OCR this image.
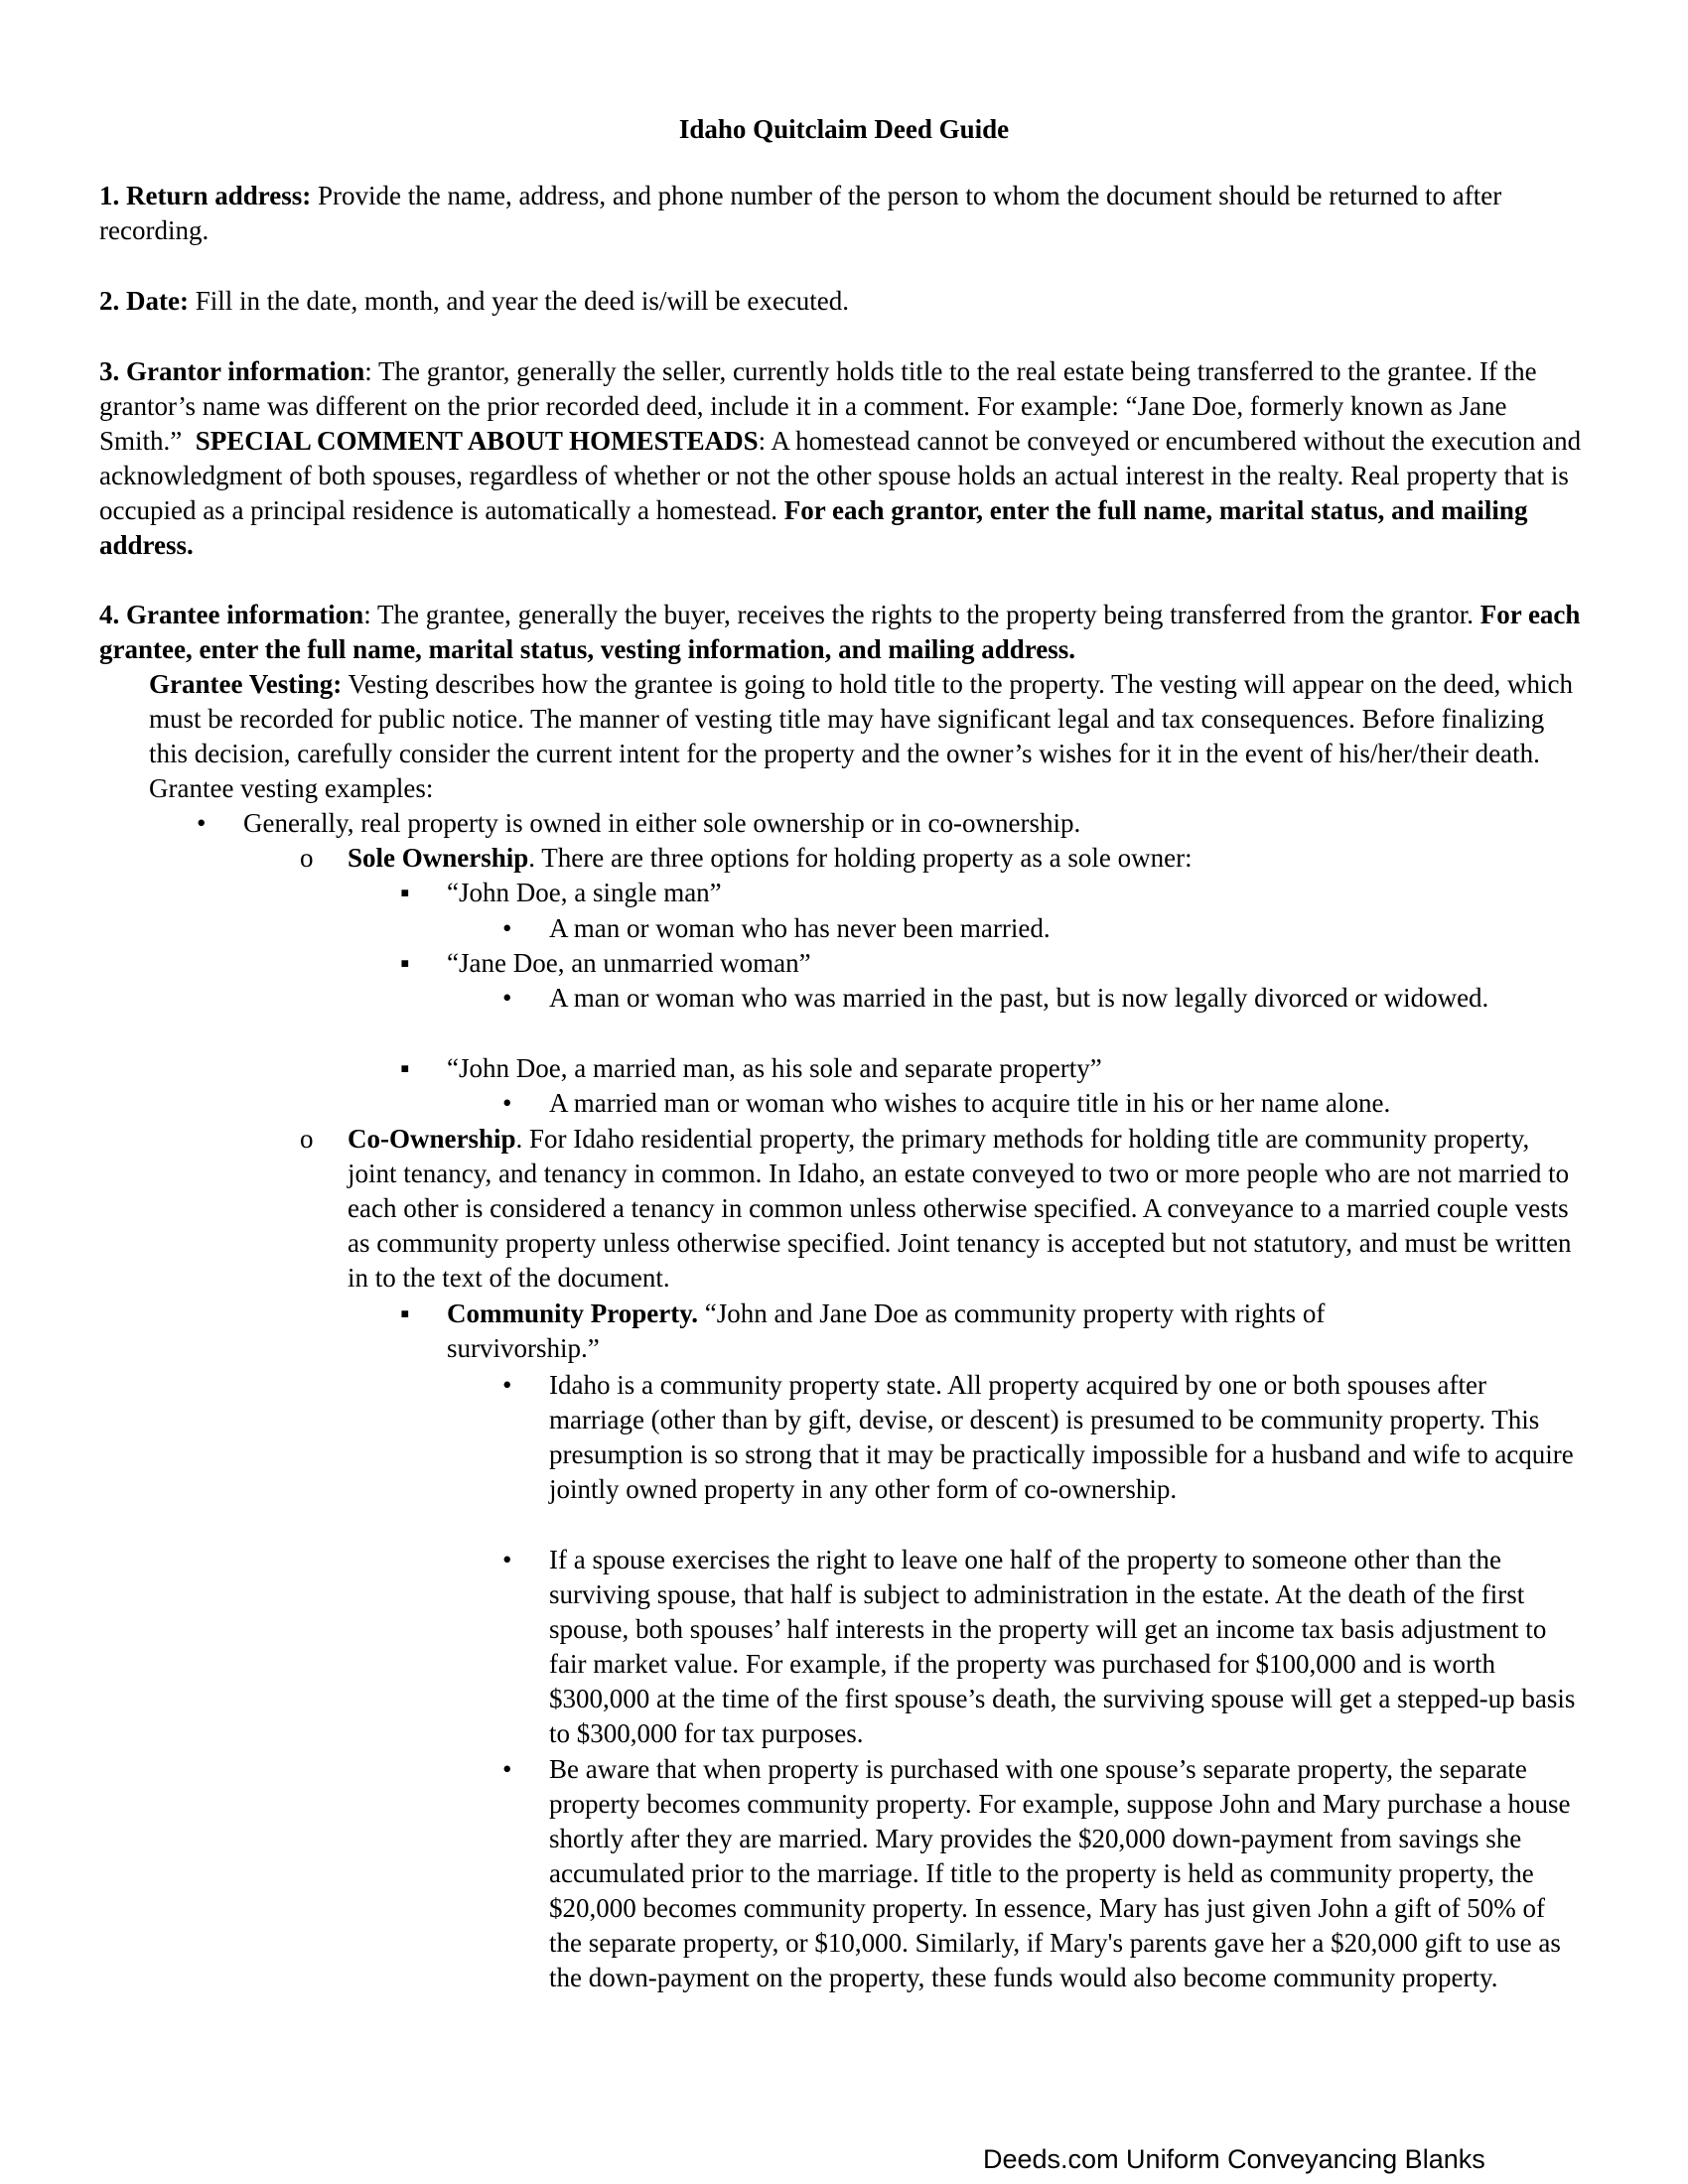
Idaho Quitclaim Deed Guide

1. Return address: Provide the name, address, and phone number of the person to whom the document should be returned to after recording.

2. Date: Fill in the date, month, and year the deed is/will be executed.

3. Grantor information: The grantor, generally the seller, currently holds title to the real estate being transferred to the grantee. If the grantor’s name was different on the prior recorded deed, include it in a comment. For example: “Jane Doe, formerly known as Jane Smith.” SPECIAL COMMENT ABOUT HOMESTEADS: A homestead cannot be conveyed or encumbered without the execution and acknowledgment of both spouses, regardless of whether or not the other spouse holds an actual interest in the realty. Real property that is occupied as a principal residence is automatically a homestead. For each grantor, enter the full name, marital status, and mailing address.

4. Grantee information: The grantee, generally the buyer, receives the rights to the property being transferred from the grantor. For each grantee, enter the full name, marital status, vesting information, and mailing address.

Grantee Vesting: Vesting describes how the grantee is going to hold title to the property. The vesting will appear on the deed, which must be recorded for public notice. The manner of vesting title may have significant legal and tax consequences. Before finalizing this decision, carefully consider the current intent for the property and the owner’s wishes for it in the event of his/her/their death. Grantee vesting examples:

• Generally, real property is owned in either sole ownership or in co-ownership.

o Sole Ownership. There are three options for holding property as a sole owner:

▪ “John Doe, a single man”

• A man or woman who has never been married.

▪ “Jane Doe, an unmarried woman”

• A man or woman who was married in the past, but is now legally divorced or widowed.

▪ “John Doe, a married man, as his sole and separate property”

• A married man or woman who wishes to acquire title in his or her name alone.

o Co-Ownership. For Idaho residential property, the primary methods for holding title are community property, joint tenancy, and tenancy in common. In Idaho, an estate conveyed to two or more people who are not married to each other is considered a tenancy in common unless otherwise specified. A conveyance to a married couple vests as community property unless otherwise specified. Joint tenancy is accepted but not statutory, and must be written in to the text of the document.

▪ Community Property. “John and Jane Doe as community property with rights of survivorship.”

• Idaho is a community property state. All property acquired by one or both spouses after marriage (other than by gift, devise, or descent) is presumed to be community property. This presumption is so strong that it may be practically impossible for a husband and wife to acquire jointly owned property in any other form of co-ownership.

• If a spouse exercises the right to leave one half of the property to someone other than the surviving spouse, that half is subject to administration in the estate. At the death of the first spouse, both spouses’ half interests in the property will get an income tax basis adjustment to fair market value. For example, if the property was purchased for $100,000 and is worth $300,000 at the time of the first spouse’s death, the surviving spouse will get a stepped-up basis to $300,000 for tax purposes.

• Be aware that when property is purchased with one spouse’s separate property, the separate property becomes community property. For example, suppose John and Mary purchase a house shortly after they are married. Mary provides the $20,000 down-payment from savings she accumulated prior to the marriage. If title to the property is held as community property, the $20,000 becomes community property. In essence, Mary has just given John a gift of 50% of the separate property, or $10,000. Similarly, if Mary's parents gave her a $20,000 gift to use as the down-payment on the property, these funds would also become community property.

Deeds.com Uniform Conveyancing Blanks
